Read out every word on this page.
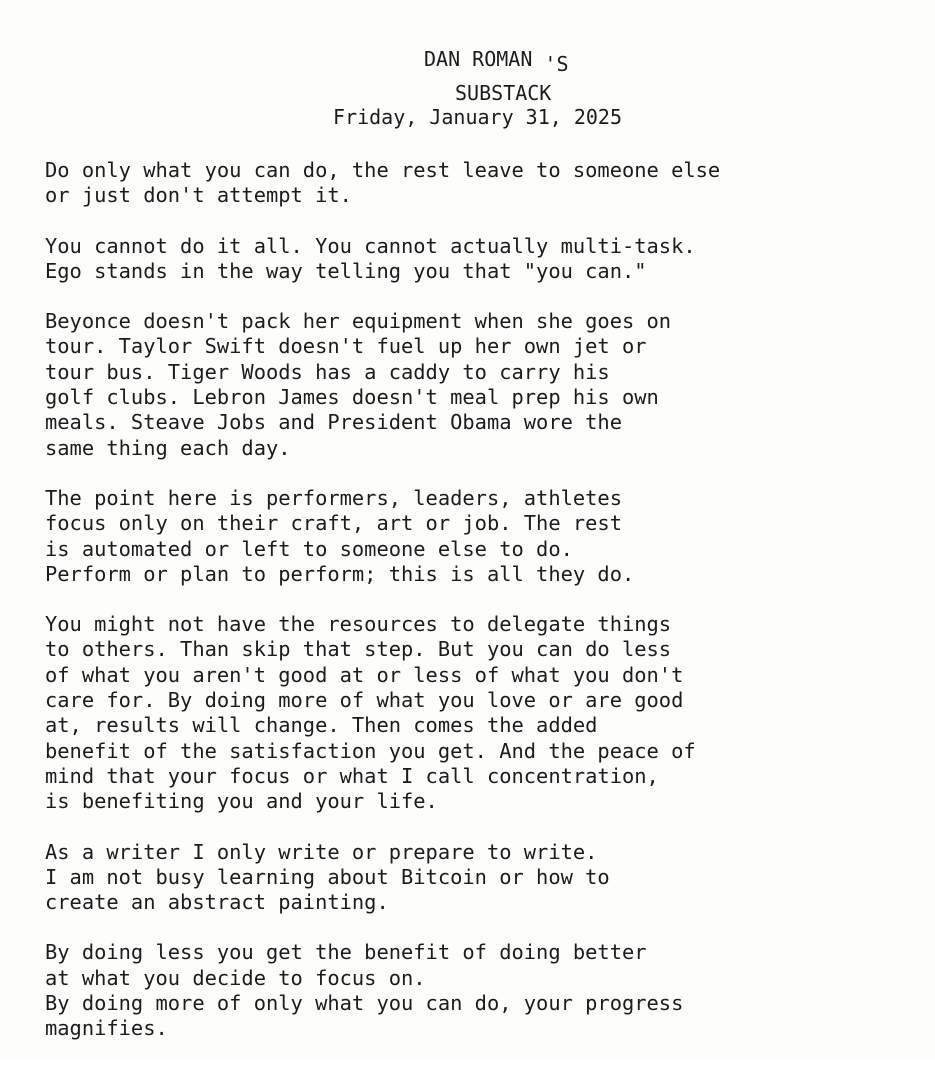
DAN ROMAN 'S
SUBSTACK
Friday, January 31, 2025
Do only what you can do, the rest leave to someone else
or just don't attempt it.
You cannot do it all. You cannot actually multi-task.
Ego stands in the way telling you that "you can."
Beyonce doesn't pack her equipment when she goes on
tour. Taylor Swift doesn't fuel up her own jet or
tour bus. Tiger Woods has a caddy to carry his
golf clubs. Lebron James doesn't meal prep his own
meals. Steave Jobs and President Obama wore the
same thing each day.
The point here is performers, leaders, athletes
focus only on their craft, art or job. The rest
is automated or left to someone else to do.
Perform or plan to perform; this is all they do.
You might not have the resources to delegate things
to others. Than skip that step. But you can do less
of what you aren't good at or less of what you don't
care for. By doing more of what you love or are good
at, results will change. Then comes the added
benefit of the satisfaction you get. And the peace of
mind that your focus or what I call concentration,
is benefiting you and your life.
As a writer I only write or prepare to write.
I am not busy learning about Bitcoin or how to
create an abstract painting.
By doing less you get the benefit of doing better
at what you decide to focus on.
By doing more of only what you can do, your progress
magnifies.
